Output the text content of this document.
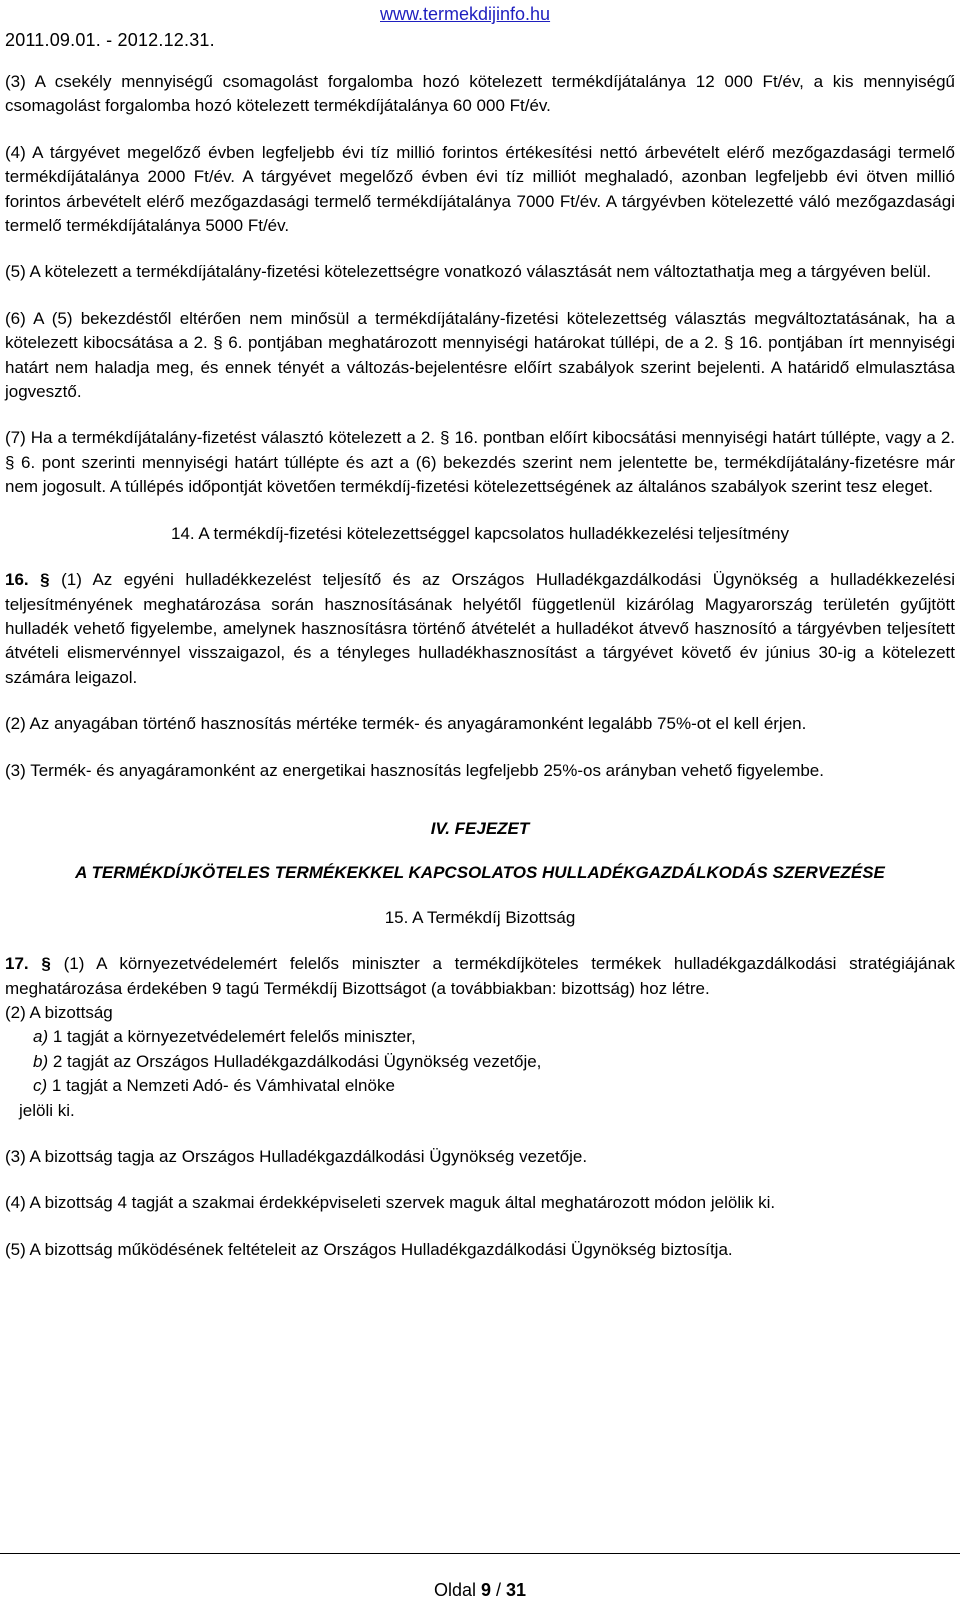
www.termekdijinfo.hu
2011.09.01. - 2012.12.31.

(3) A csekély mennyiségű csomagolást forgalomba hozó kötelezett termékdíjátalánya 12 000 Ft/év, a kis mennyiségű csomagolást forgalomba hozó kötelezett termékdíjátalánya 60 000 Ft/év.

(4) A tárgyévet megelőző évben legfeljebb évi tíz millió forintos értékesítési nettó árbevételt elérő mezőgazdasági termelő termékdíjátalánya 2000 Ft/év. A tárgyévet megelőző évben évi tíz milliót meghaladó, azonban legfeljebb évi ötven millió forintos árbevételt elérő mezőgazdasági termelő termékdíjátalánya 7000 Ft/év. A tárgyévben kötelezetté váló mezőgazdasági termelő termékdíjátalánya 5000 Ft/év.

(5) A kötelezett a termékdíjátalány-fizetési kötelezettségre vonatkozó választását nem változtathatja meg a tárgyéven belül.

(6) A (5) bekezdéstől eltérően nem minősül a termékdíjátalány-fizetési kötelezettség választás megváltoztatásának, ha a kötelezett kibocsátása a 2. § 6. pontjában meghatározott mennyiségi határokat túllépi, de a 2. § 16. pontjában írt mennyiségi határt nem haladja meg, és ennek tényét a változás-bejelentésre előírt szabályok szerint bejelenti. A határidő elmulasztása jogvesztő.

(7) Ha a termékdíjátalány-fizetést választó kötelezett a 2. § 16. pontban előírt kibocsátási mennyiségi határt túllépte, vagy a 2. § 6. pont szerinti mennyiségi határt túllépte és azt a (6) bekezdés szerint nem jelentette be, termékdíjátalány-fizetésre már nem jogosult. A túllépés időpontját követően termékdíj-fizetési kötelezettségének az általános szabályok szerint tesz eleget.

14. A termékdíj-fizetési kötelezettséggel kapcsolatos hulladékkezelési teljesítmény

16. § (1) Az egyéni hulladékkezelést teljesítő és az Országos Hulladékgazdálkodási Ügynökség a hulladékkezelési teljesítményének meghatározása során hasznosításának helyétől függetlenül kizárólag Magyarország területén gyűjtött hulladék vehető figyelembe, amelynek hasznosításra történő átvételét a hulladékot átvevő hasznosító a tárgyévben teljesített átvételi elismervénnyel visszaigazol, és a tényleges hulladékhasznosítást a tárgyévet követő év június 30-ig a kötelezett számára leigazol.

(2) Az anyagában történő hasznosítás mértéke termék- és anyagáramonként legalább 75%-ot el kell érjen.

(3) Termék- és anyagáramonként az energetikai hasznosítás legfeljebb 25%-os arányban vehető figyelembe.

IV. FEJEZET

A TERMÉKDÍJKÖTELES TERMÉKEKKEL KAPCSOLATOS HULLADÉKGAZDÁLKODÁS SZERVEZÉSE

15. A Termékdíj Bizottság

17. § (1) A környezetvédelemért felelős miniszter a termékdíjköteles termékek hulladékgazdálkodási stratégiájának meghatározása érdekében 9 tagú Termékdíj Bizottságot (a továbbiakban: bizottság) hoz létre.

(2) A bizottság
a) 1 tagját a környezetvédelemért felelős miniszter,
b) 2 tagját az Országos Hulladékgazdálkodási Ügynökség vezetője,
c) 1 tagját a Nemzeti Adó- és Vámhivatal elnöke
jelöli ki.

(3) A bizottság tagja az Országos Hulladékgazdálkodási Ügynökség vezetője.

(4) A bizottság 4 tagját a szakmai érdekképviseleti szervek maguk által meghatározott módon jelölik ki.

(5) A bizottság működésének feltételeit az Országos Hulladékgazdálkodási Ügynökség biztosítja.

Oldal 9 / 31
